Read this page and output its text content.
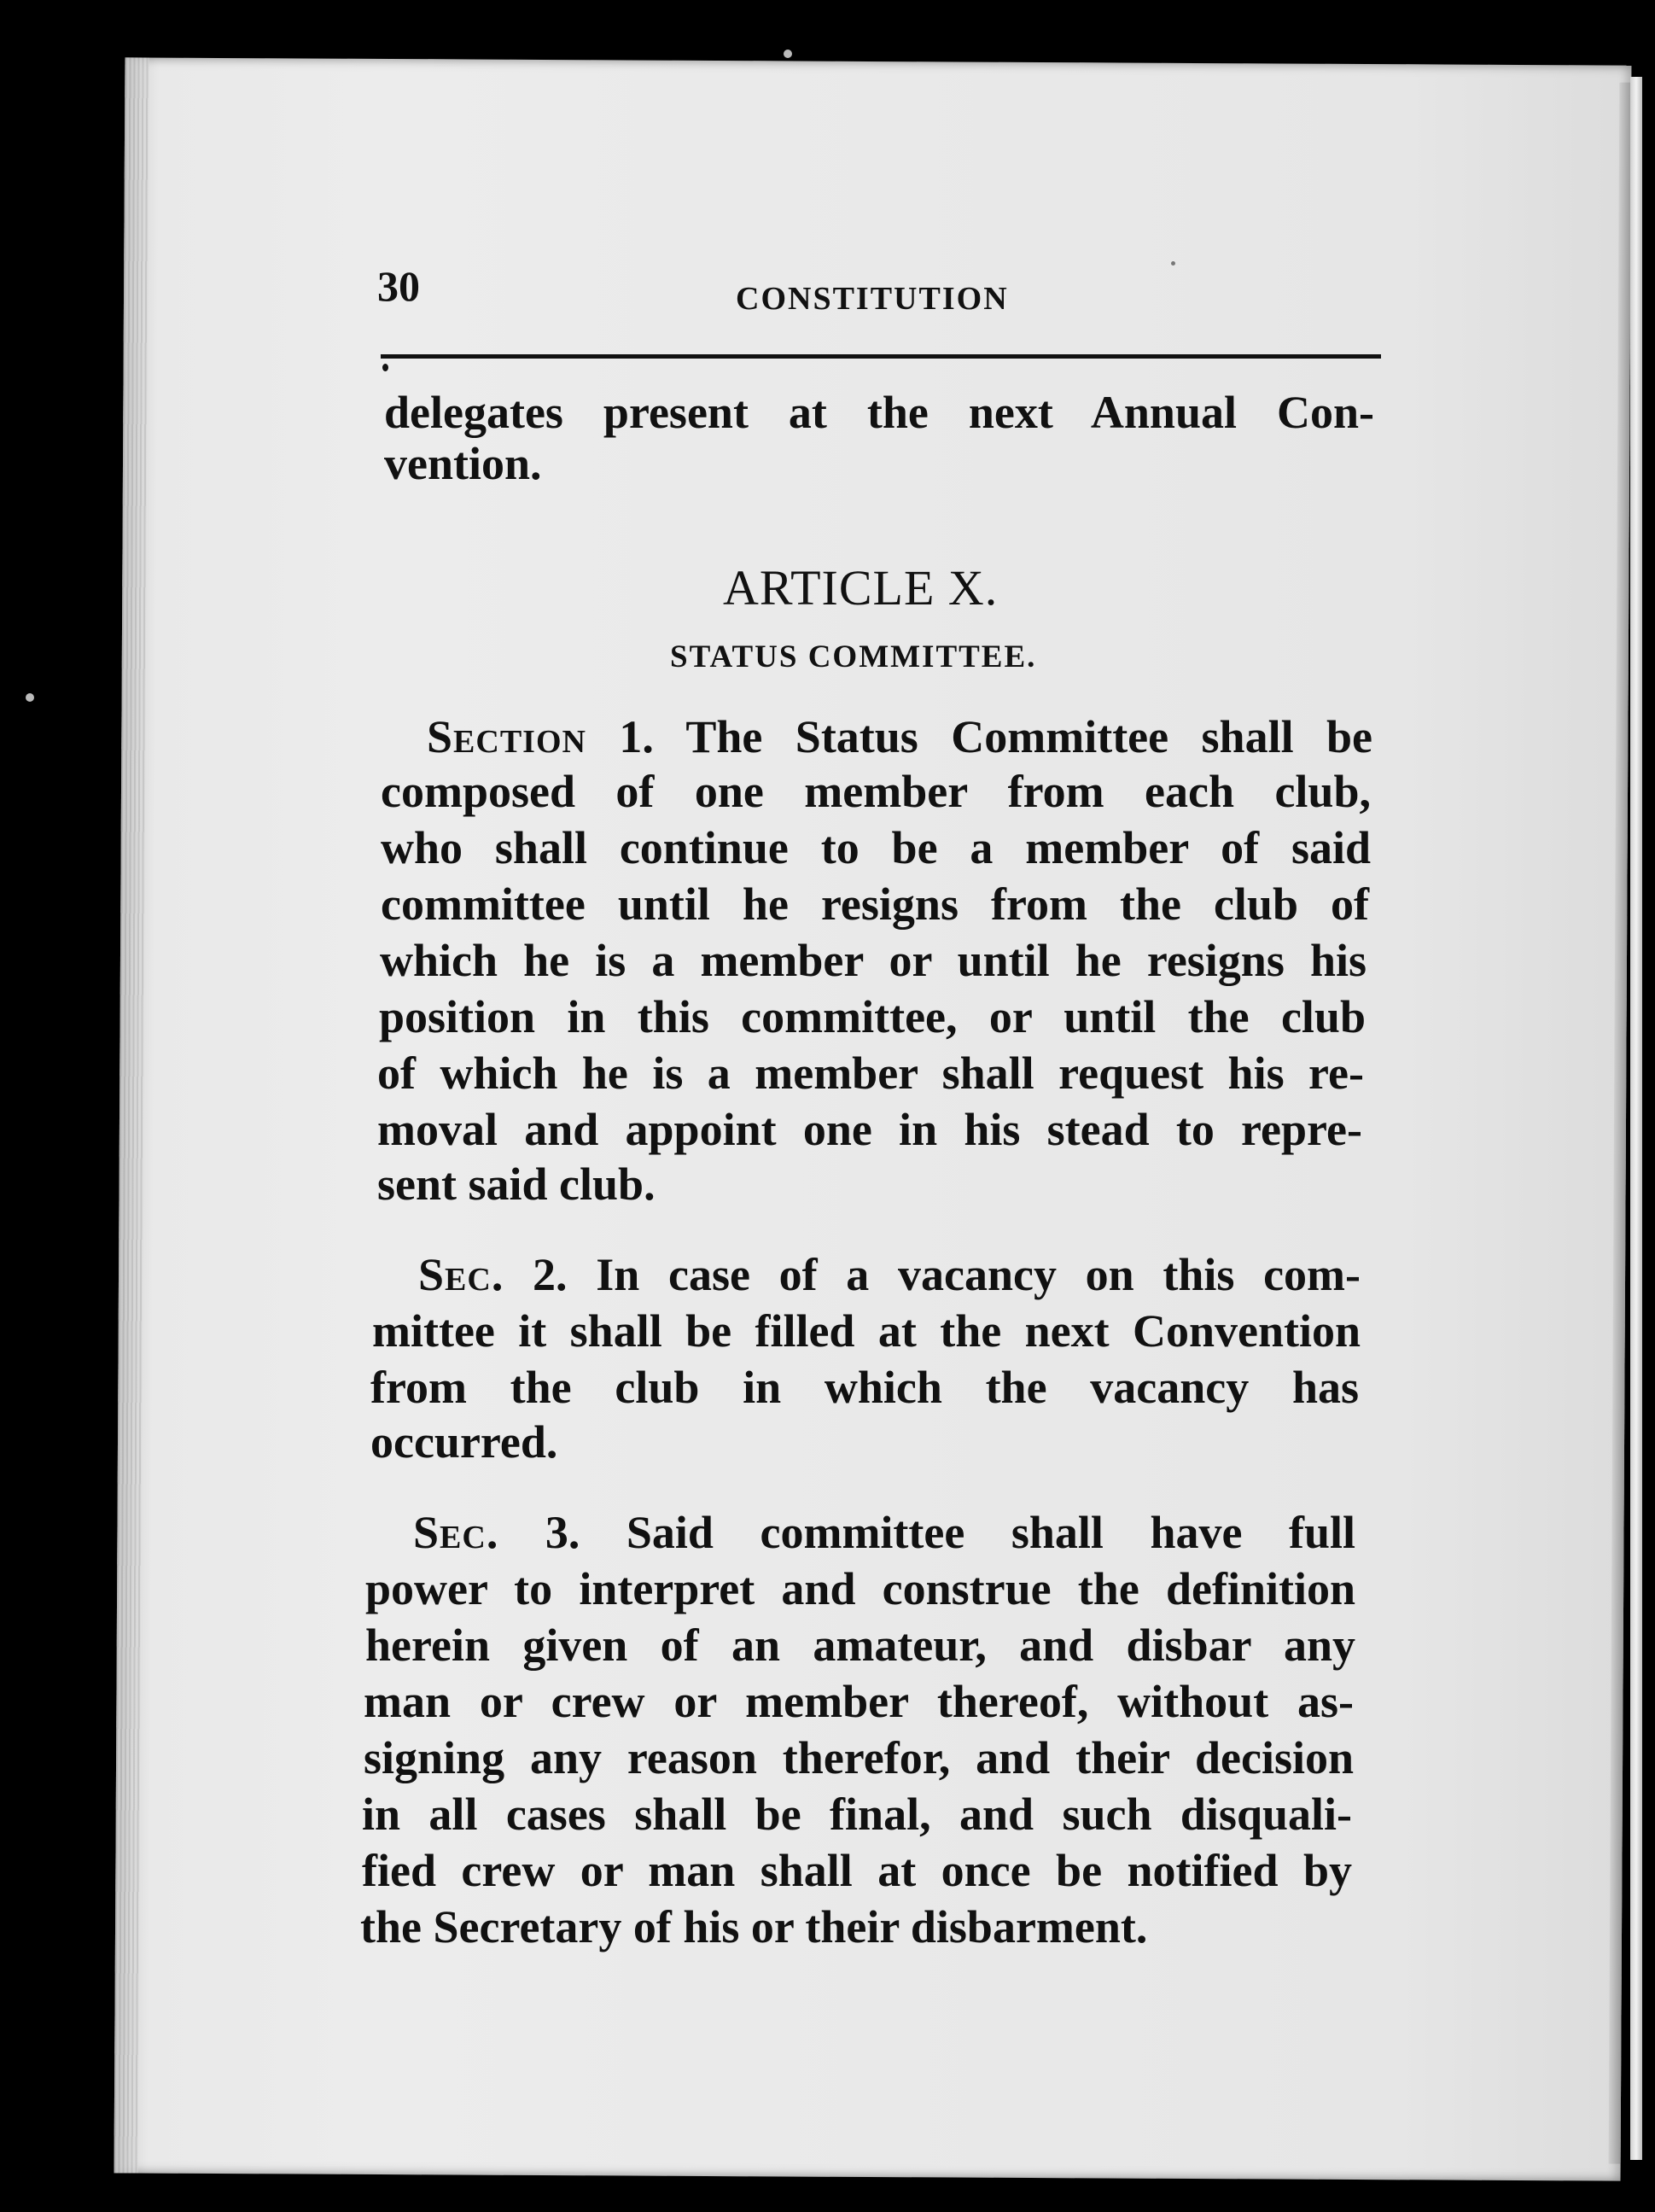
30	CONSTITUTION
delegates present at the next Annual Con-
vention.
ARTICLE X.
STATUS COMMITTEE.
Section 1. The Status Committee shall be
composed of one member from each club,
who shall continue to be a member of said
committee until he resigns from the club of
which he is a member or until he resigns his
position in this committee, or until the club
of which he is a member shall request his re-
moval and appoint one in his stead to repre-
sent said club.
Sec. 2. In case of a vacancy on this com-
mittee it shall be filled at the next Convention
from the club in which the vacancy has
occurred.
Sec. 3. Said committee shall have full
power to interpret and construe the definition
herein given of an amateur, and disbar any
man or crew or member thereof, without as-
signing any reason therefor, and their decision
in all cases shall be final, and such disquali-
fied crew or man shall at once be notified by
the Secretary of his or their disbarment.
